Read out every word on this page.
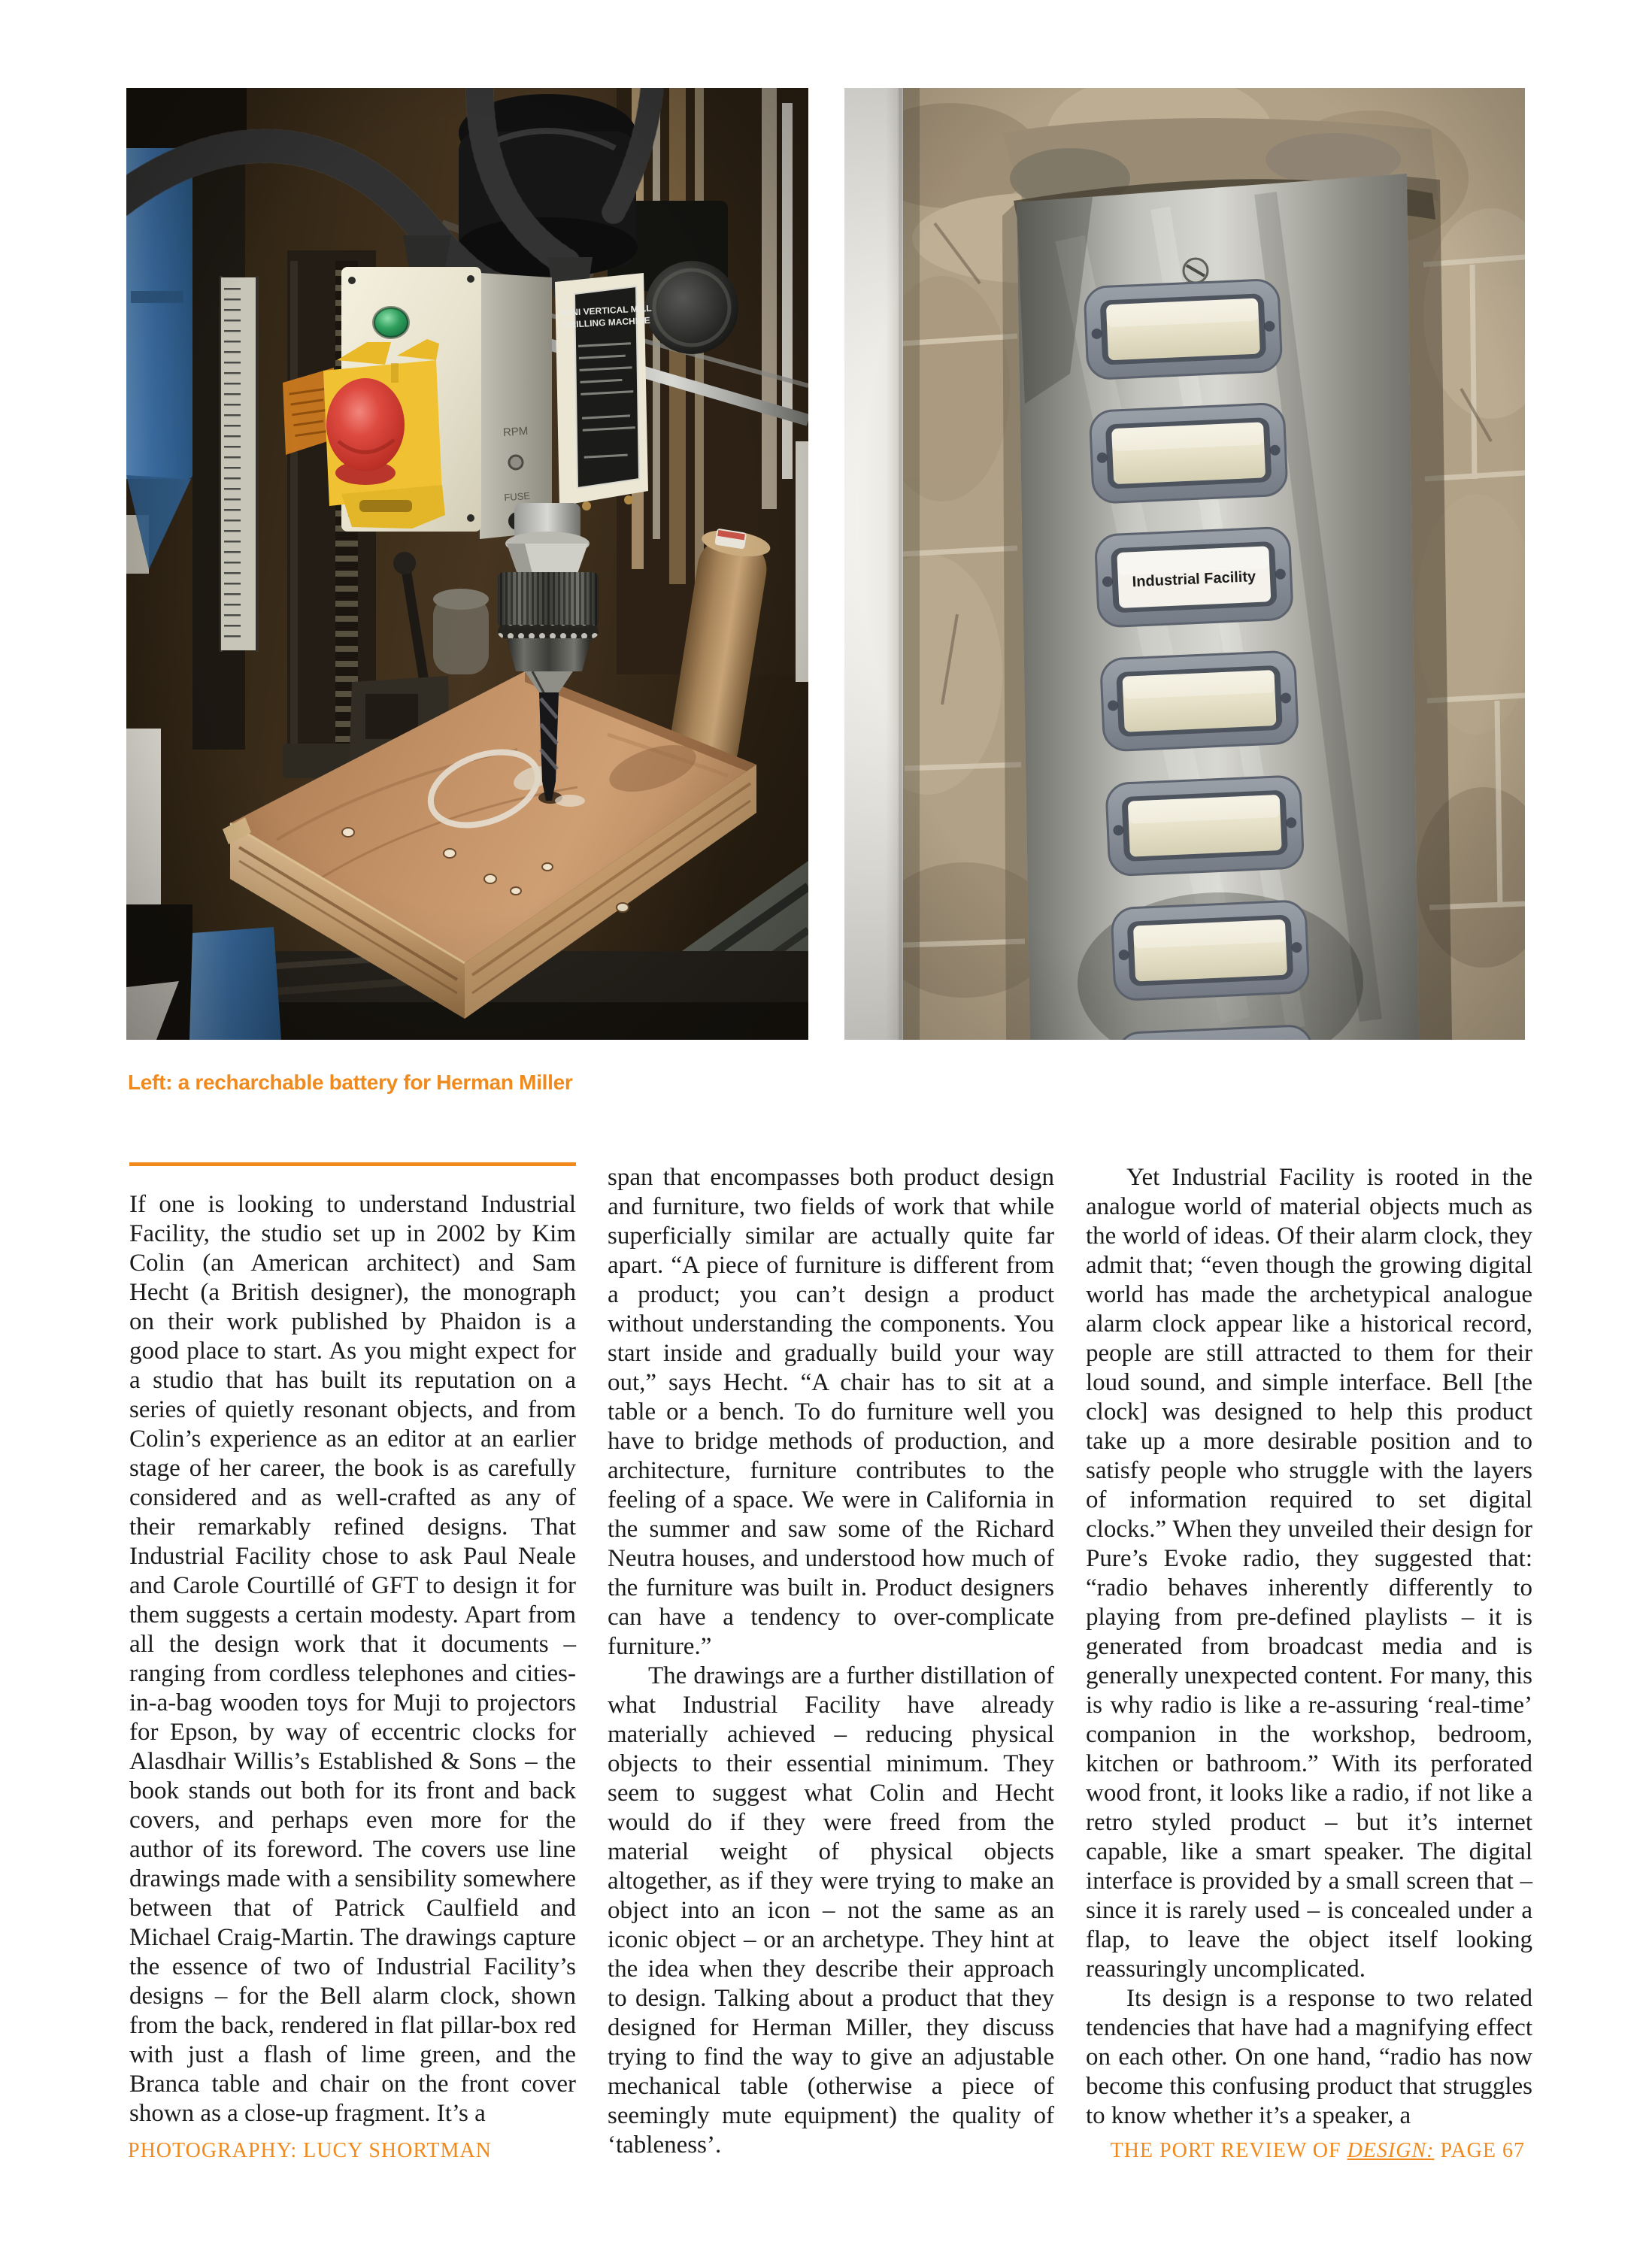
Left: a recharchable battery for Herman Miller

If one is looking to understand Industrial Facility, the studio set up in 2002 by Kim Colin (an American architect) and Sam Hecht (a British designer), the monograph on their work published by Phaidon is a good place to start. As you might expect for a studio that has built its reputation on a series of quietly resonant objects, and from Colin’s experience as an editor at an earlier stage of her career, the book is as carefully considered and as well-crafted as any of their remarkably refined designs. That Industrial Facility chose to ask Paul Neale and Carole Courtillé of GFT to design it for them suggests a certain modesty. Apart from all the design work that it documents – ranging from cordless telephones and cities-in-a-bag wooden toys for Muji to projectors for Epson, by way of eccentric clocks for Alasdhair Willis’s Established & Sons – the book stands out both for its front and back covers, and perhaps even more for the author of its foreword. The covers use line drawings made with a sensibility somewhere between that of Patrick Caulfield and Michael Craig-Martin. The drawings capture the essence of two of Industrial Facility’s designs – for the Bell alarm clock, shown from the back, rendered in flat pillar-box red with just a flash of lime green, and the Branca table and chair on the front cover shown as a close-up fragment. It’s a

span that encompasses both product design and furniture, two fields of work that while superficially similar are actually quite far apart. “A piece of furniture is different from a product; you can’t design a product without understanding the components. You start inside and gradually build your way out,” says Hecht. “A chair has to sit at a table or a bench. To do furniture well you have to bridge methods of production, and architecture, furniture contributes to the feeling of a space. We were in California in the summer and saw some of the Richard Neutra houses, and understood how much of the furniture was built in. Product designers can have a tendency to over-complicate furniture.”

The drawings are a further distillation of what Industrial Facility have already materially achieved – reducing physical objects to their essential minimum. They seem to suggest what Colin and Hecht would do if they were freed from the material weight of physical objects altogether, as if they were trying to make an object into an icon – not the same as an iconic object – or an archetype. They hint at the idea when they describe their approach to design. Talking about a product that they designed for Herman Miller, they discuss trying to find the way to give an adjustable mechanical table (otherwise a piece of seemingly mute equipment) the quality of ‘tableness’.

Yet Industrial Facility is rooted in the analogue world of material objects much as the world of ideas. Of their alarm clock, they admit that; “even though the growing digital world has made the archetypical analogue alarm clock appear like a historical record, people are still attracted to them for their loud sound, and simple interface. Bell [the clock] was designed to help this product take up a more desirable position and to satisfy people who struggle with the layers of information required to set digital clocks.” When they unveiled their design for Pure’s Evoke radio, they suggested that: “radio behaves inherently differently to playing from pre-defined playlists – it is generated from broadcast media and is generally unexpected content. For many, this is why radio is like a re-assuring ‘real-time’ companion in the workshop, bedroom, kitchen or bathroom.” With its perforated wood front, it looks like a radio, if not like a retro styled product – but it’s internet capable, like a smart speaker. The digital interface is provided by a small screen that – since it is rarely used – is concealed under a flap, to leave the object itself looking reassuringly uncomplicated.

Its design is a response to two related tendencies that have had a magnifying effect on each other. On one hand, “radio has now become this confusing product that struggles to know whether it’s a speaker, a

PHOTOGRAPHY: LUCY SHORTMAN	THE PORT REVIEW OF DESIGN: PAGE 67
